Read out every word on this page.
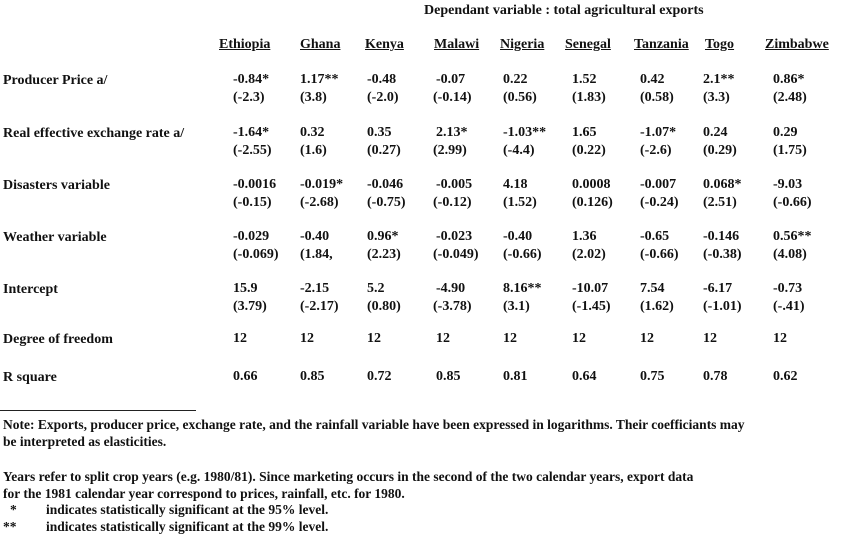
Dependant variable : total agricultural exports
Ethiopia Ghana Kenya Malawi Nigeria Senegal Tanzania Togo Zimbabwe
Producer Price a/	-0.84* 1.17** -0.48	-0.07	0.22	1.52	0.42	2.1**	0.86*
(-2.3)	(3.8)	(-2.0) (-0.14) (0.56)	(1.83) (0.58) (3.3)	(2.48)
Real effective exchange rate a/	-1.64* 0.32	0.35	2.13*	-1.03** 1.65	-1.07* 0.24	0.29
(-2.55) (1.6)	(0.27) (2.99)	(-4.4)	(0.22) (-2.6) (0.29)	(1.75)
Disasters variable	-0.0016 -0.019* -0.046 -0.005 4.18	0.0008 -0.007 0.068* -9.03
(-0.15) (-2.68) (-0.75) (-0.12) (1.52)	(0.126) (-0.24) (2.51)	(-0.66)
Weather variable	-0.029 -0.40	0.96*	-0.023 -0.40	1.36	-0.65 -0.146 0.56**
(-0.069) (1.84, (2.23) (-0.049) (-0.66) (2.02) (-0.66) (-0.38) (4.08)
Intercept	15.9	-2.15	5.2	-4.90	8.16** -10.07 7.54	-6.17	-0.73
(3.79) (-2.17) (0.80) (-3.78) (3.1)	(-1.45) (1.62) (-1.01) (-.41)
Degree of freedom	12	12	12	12	12	12	12	12	12
R square	0.66	0.85	0.72	0.85	0.81	0.64	0.75	0.78	0.62
Note: Exports, producer price, exchange rate, and the rainfall variable have been expressed in logarithms. Their coefficiants may
be interpreted as elasticities.
Years refer to split crop years (e.g. 1980/81). Since marketing occurs in the second of the two calendar years, export data
for the 1981 calendar year correspond to prices, rainfall, etc. for 1980.
* indicates statistically significant at the 95% level.
** indicates statistically significant at the 99% level.
